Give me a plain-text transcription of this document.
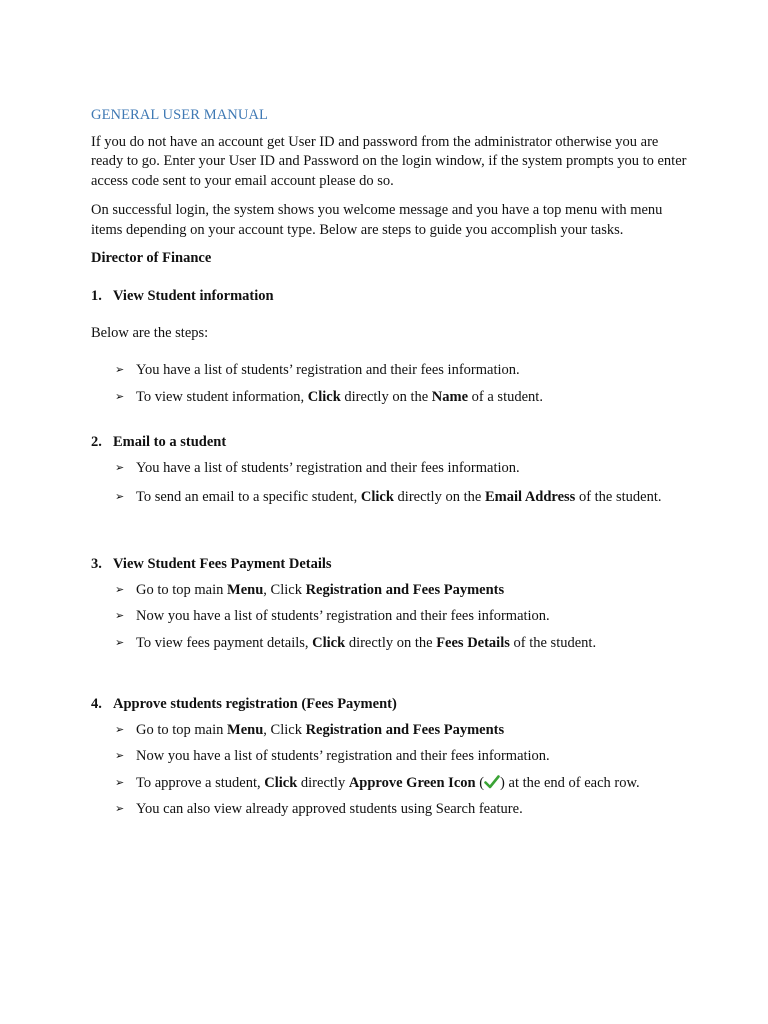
GENERAL USER MANUAL

If you do not have an account get User ID and password from the administrator otherwise you are ready to go. Enter your User ID and Password on the login window, if the system prompts you to enter access code sent to your email account please do so.

On successful login, the system shows you welcome message and you have a top menu with menu items depending on your account type. Below are steps to guide you accomplish your tasks.

Director of Finance

1. View Student information

Below are the steps:

➢ You have a list of students’ registration and their fees information.
➢ To view student information, Click directly on the Name of a student.

2. Email to a student

➢ You have a list of students’ registration and their fees information.
➢ To send an email to a specific student, Click directly on the Email Address of the student.

3. View Student Fees Payment Details

➢ Go to top main Menu, Click Registration and Fees Payments
➢ Now you have a list of students’ registration and their fees information.
➢ To view fees payment details, Click directly on the Fees Details of the student.

4. Approve students registration (Fees Payment)

➢ Go to top main Menu, Click Registration and Fees Payments
➢ Now you have a list of students’ registration and their fees information.
➢ To approve a student, Click directly Approve Green Icon ( ) at the end of each row.
➢ You can also view already approved students using Search feature.
